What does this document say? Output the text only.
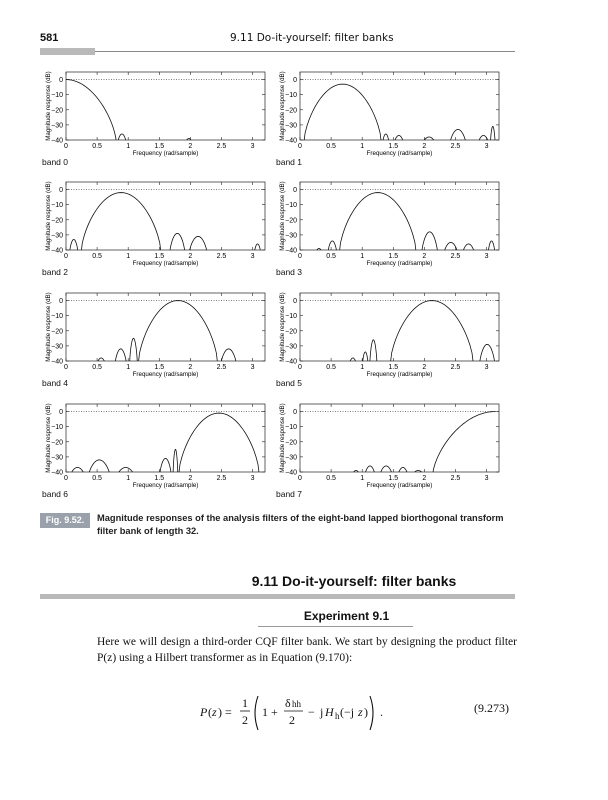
581	9.11 Do-it-yourself: filter banks
0
−10
−20
−30
−40
0	0.5	1	1.5	2	2.5	3
Frequency (rad/sample)
Magnitude response (dB)
band 0
0
−10
−20
−30
−40
0	0.5	1	1.5	2	2.5	3
Frequency (rad/sample)
Magnitude response (dB)
band 1
0
−10
−20
−30
−40
0	0.5	1	1.5	2	2.5	3
Frequency (rad/sample)
Magnitude response (dB)
band 2
0
−10
−20
−30
−40
0	0.5	1	1.5	2	2.5	3
Frequency (rad/sample)
Magnitude response (dB)
band 3
0
−10
−20
−30
−40
0	0.5	1	1.5	2	2.5	3
Frequency (rad/sample)
Magnitude response (dB)
band 4
0
−10
−20
−30
−40
0	0.5	1	1.5	2	2.5	3
Frequency (rad/sample)
Magnitude response (dB)
band 5
0
−10
−20
−30
−40
0	0.5	1	1.5	2	2.5	3
Frequency (rad/sample)
Magnitude response (dB)
band 6
0
−10
−20
−30
−40
0	0.5	1	1.5	2	2.5	3
Frequency (rad/sample)
Magnitude response (dB)
band 7
Fig. 9.52.	Magnitude responses of the analysis filters of the eight-band lapped biorthogonal transform filter bank of length 32.
9.11 Do-it-yourself: filter banks
Experiment 9.1
Here we will design a third-order CQF filter bank. We start by designing the product filter P(z) using a Hilbert transformer as in Equation (9.170):
P ( z ) =
1
2
1 +
δ hh
2
− j H h (−j z ) .	(9.273)
